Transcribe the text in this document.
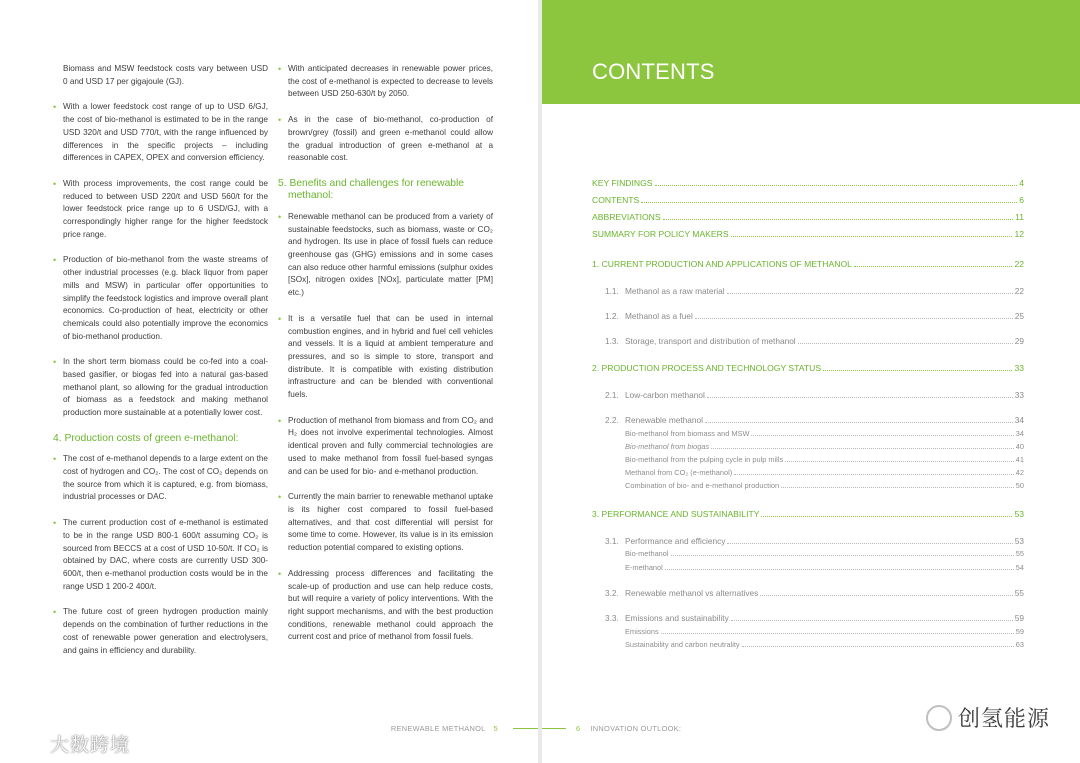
Biomass and MSW feedstock costs vary between USD 0 and USD 17 per gigajoule (GJ).

• With a lower feedstock cost range of up to USD 6/GJ, the cost of bio-methanol is estimated to be in the range USD 320/t and USD 770/t, with the range influenced by differences in the specific projects – including differences in CAPEX, OPEX and conversion efficiency.
• With process improvements, the cost range could be reduced to between USD 220/t and USD 560/t for the lower feedstock price range up to 6 USD/GJ, with a correspondingly higher range for the higher feedstock price range.
• Production of bio-methanol from the waste streams of other industrial processes (e.g. black liquor from paper mills and MSW) in particular offer opportunities to simplify the feedstock logistics and improve overall plant economics. Co-production of heat, electricity or other chemicals could also potentially improve the economics of bio-methanol production.
• In the short term biomass could be co-fed into a coal-based gasifier, or biogas fed into a natural gas-based methanol plant, so allowing for the gradual introduction of biomass as a feedstock and making methanol production more sustainable at a potentially lower cost.
4. Production costs of green e-methanol:
• The cost of e-methanol depends to a large extent on the cost of hydrogen and CO₂. The cost of CO₂ depends on the source from which it is captured, e.g. from biomass, industrial processes or DAC.
• The current production cost of e-methanol is estimated to be in the range USD 800-1 600/t assuming CO₂ is sourced from BECCS at a cost of USD 10-50/t. If CO₂ is obtained by DAC, where costs are currently USD 300-600/t, then e-methanol production costs would be in the range USD 1 200-2 400/t.
• The future cost of green hydrogen production mainly depends on the combination of further reductions in the cost of renewable power generation and electrolysers, and gains in efficiency and durability.
• With anticipated decreases in renewable power prices, the cost of e-methanol is expected to decrease to levels between USD 250-630/t by 2050.
• As in the case of bio-methanol, co-production of brown/grey (fossil) and green e-methanol could allow the gradual introduction of green e-methanol at a reasonable cost.
5. Benefits and challenges for renewable
methanol:
• Renewable methanol can be produced from a variety of sustainable feedstocks, such as biomass, waste or CO₂ and hydrogen. Its use in place of fossil fuels can reduce greenhouse gas (GHG) emissions and in some cases can also reduce other harmful emissions (sulphur oxides [SOx], nitrogen oxides [NOx], particulate matter [PM] etc.)
• It is a versatile fuel that can be used in internal combustion engines, and in hybrid and fuel cell vehicles and vessels. It is a liquid at ambient temperature and pressures, and so is simple to store, transport and distribute. It is compatible with existing distribution infrastructure and can be blended with conventional fuels.
• Production of methanol from biomass and from CO₂ and H₂ does not involve experimental technologies. Almost identical proven and fully commercial technologies are used to make methanol from fossil fuel-based syngas and can be used for bio- and e-methanol production.
• Currently the main barrier to renewable methanol uptake is its higher cost compared to fossil fuel-based alternatives, and that cost differential will persist for some time to come. However, its value is in its emission reduction potential compared to existing options.
• Addressing process differences and facilitating the scale-up of production and use can help reduce costs, but will require a variety of policy interventions. With the right support mechanisms, and with the best production conditions, renewable methanol could approach the current cost and price of methanol from fossil fuels.
RENEWABLE METHANOL 5
大数跨境
CONTENTS
KEY FINDINGS	4
CONTENTS	6
ABBREVIATIONS	11
SUMMARY FOR POLICY MAKERS	12
1. CURRENT PRODUCTION AND APPLICATIONS OF METHANOL	22
1.1. Methanol as a raw material	22
1.2. Methanol as a fuel	25
1.3. Storage, transport and distribution of methanol	29
2. PRODUCTION PROCESS AND TECHNOLOGY STATUS	33
2.1. Low-carbon methanol	33
2.2. Renewable methanol	34
Bio-methanol from biomass and MSW	34
Bio-methanol from biogas	40
Bio-methanol from the pulping cycle in pulp mills	41
Methanol from CO₂ (e-methanol)	42
Combination of bio- and e-methanol production	50
3. PERFORMANCE AND SUSTAINABILITY	53
3.1. Performance and efficiency	53
Bio-methanol	55
E-methanol	54
3.2. Renewable methanol vs alternatives	55
3.3. Emissions and sustainability	59
Emissions	59
Sustainability and carbon neutrality	63
6 INNOVATION OUTLOOK:	创氢能源
